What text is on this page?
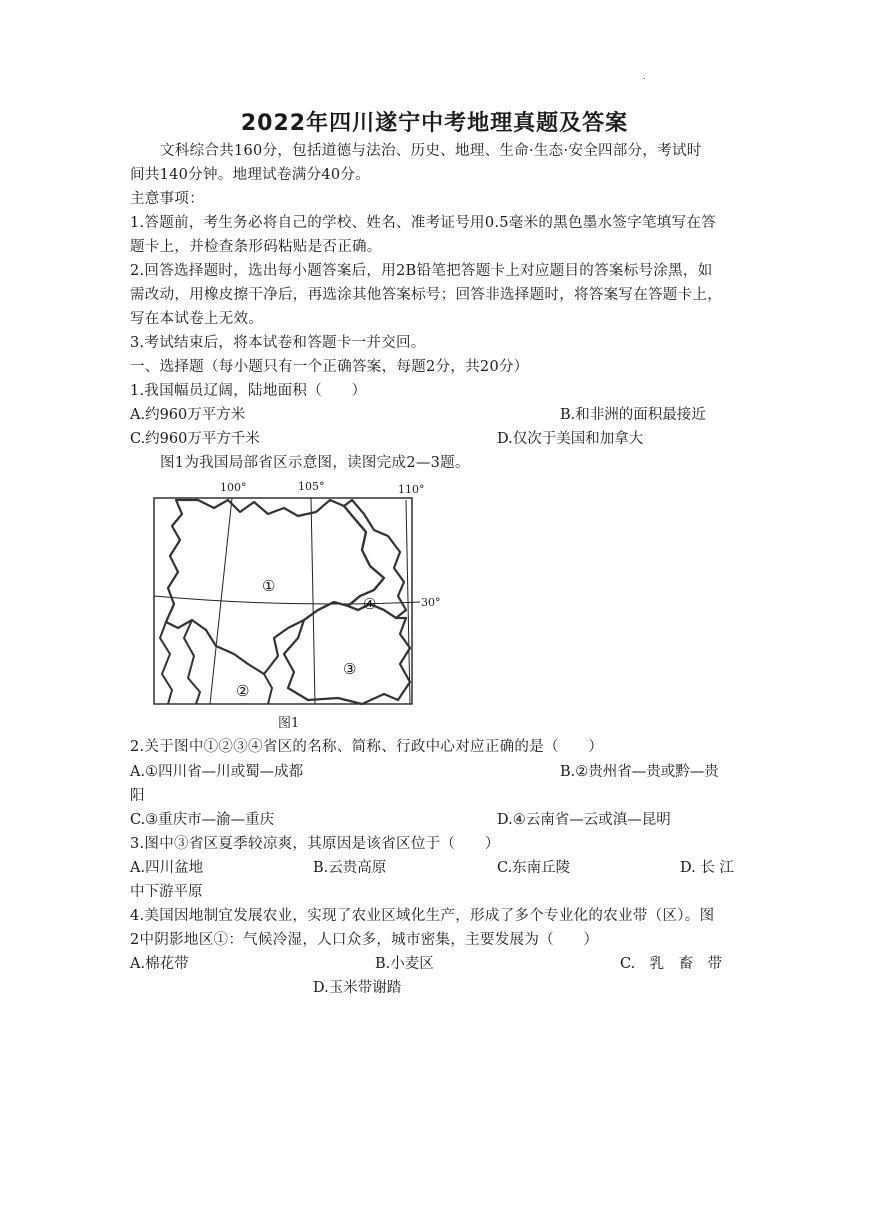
.
2022年四川遂宁中考地理真题及答案
文科综合共160分，包括道德与法治、历史、地理、生命·生态·安全四部分，考试时
间共140分钟。地理试卷满分40分。
主意事项：
1.答题前，考生务必将自己的学校、姓名、准考证号用0.5毫米的黑色墨水签字笔填写在答
题卡上，并检查条形码粘贴是否正确。
2.回答选择题时，选出每小题答案后，用2B铅笔把答题卡上对应题目的答案标号涂黑，如
需改动，用橡皮擦干净后，再选涂其他答案标号；回答非选择题时，将答案写在答题卡上，
写在本试卷上无效。
3.考试结束后，将本试卷和答题卡一并交回。
一、选择题（每小题只有一个正确答案，每题2分，共20分）
1.我国幅员辽阔，陆地面积（　　）
A.约960万平方米	B.和非洲的面积最接近
C.约960万平方千米	D.仅次于美国和加拿大
图1为我国局部省区示意图，读图完成2—3题。
100°	105°	110°
30°
①
②
③
④
图1
2.关于图中①②③④省区的名称、简称、行政中心对应正确的是（　　）
A.①四川省—川或蜀—成都	B.②贵州省—贵或黔—贵
阳
C.③重庆市—渝—重庆	D.④云南省—云或滇—昆明
3.图中③省区夏季较凉爽，其原因是该省区位于（　　）
A.四川盆地	B.云贵高原	C.东南丘陵	D. 长 江
中下游平原
4.美国因地制宜发展农业，实现了农业区域化生产，形成了多个专业化的农业带（区）。图
2中阴影地区①：气候冷湿，人口众多，城市密集，主要发展为（　　）
A.棉花带	B.小麦区	C.　乳　畜　带
D.玉米带谢踏
